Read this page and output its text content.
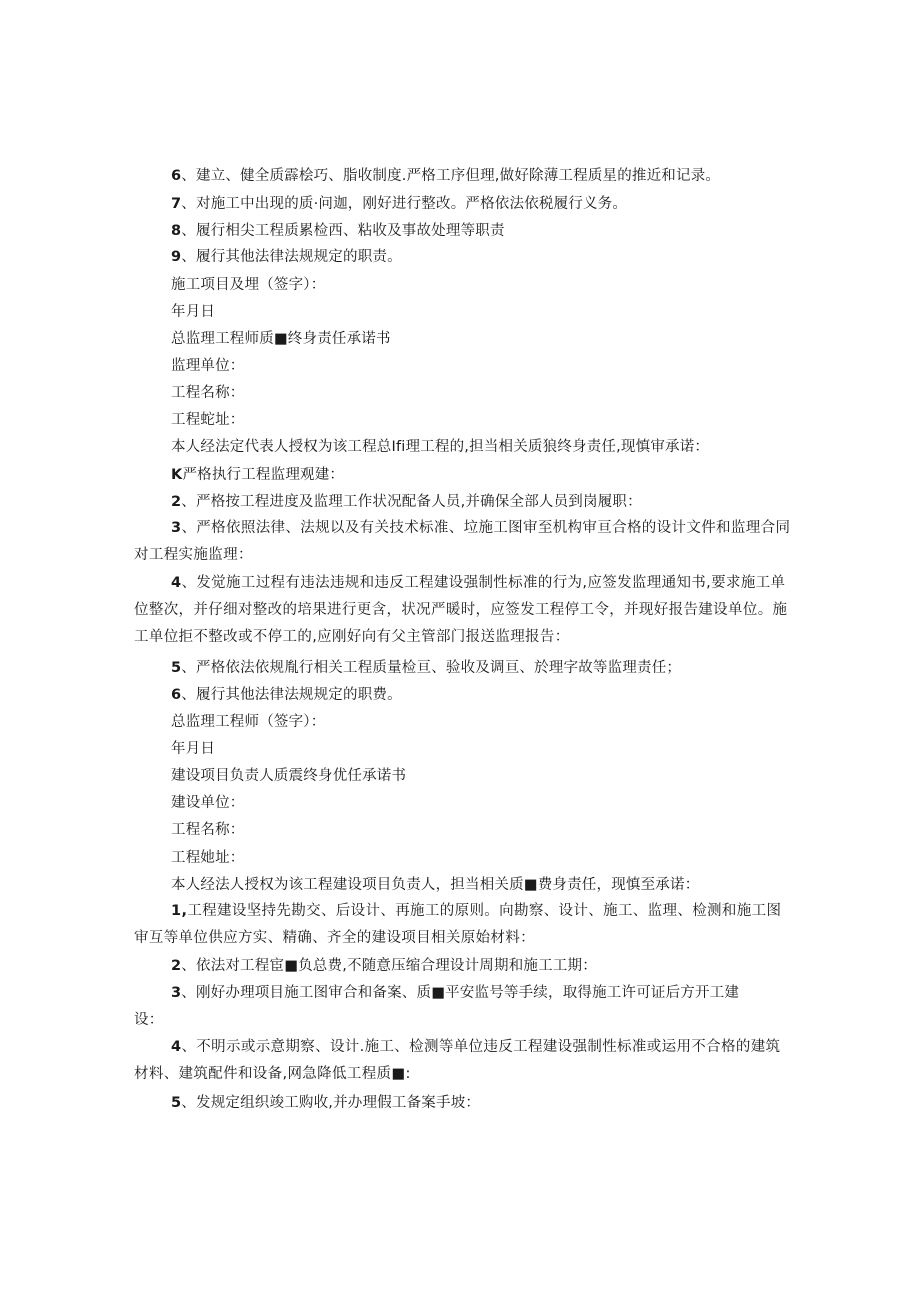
6、建立、健全质霹桧巧、脂收制度.严格工序但理,做好除薄工程质星的推近和记录。
7、对施工中出现的质·问迦，刚好进行整改。严格依法依税履行义务。
8、履行相尖工程质累检西、粘收及事故处理等职责
9、履行其他法律法规规定的职责。
施工项目及埋（签字）：
年月日
总监理工程师质■终身责任承诺书
监理单位：
工程名称：
工程蛇址：
本人经法定代表人授权为该工程总Ifi理工程的,担当相关质狼终身责任,现慎审承诺：
K严格执行工程监理观建：
2、严格按工程进度及监理工作状况配备人员,并确保全部人员到岗履职：
3、严格依照法律、法规以及有关技术标准、垃施工图审至机构审亘合格的设计文件和监理合同对工程实施监理：
4、发觉施工过程有违法违规和违反工程建设强制性标准的行为,应签发监理通知书,要求施工单位整次，并仔细对整改的培果进行更含，状况严暖时，应签发工程停工令，并现好报告建设单位。施工单位拒不整改或不停工的,应刚好向有父主管部门报送监理报告：
5、严格依法依规胤行相关工程质量检亘、验收及调亘、於理字故等监理责任；
6、履行其他法律法规规定的职费。
总监理工程师（签字）：
年月日
建设项目负责人质震终身优任承诺书
建设单位：
工程名称：
工程她址：
本人经法人授权为该工程建设项目负责人，担当相关质■费身责任，现慎至承诺：
1,工程建设坚持先勘交、后设计、再施工的原则。向勘察、设计、施工、监理、检测和施工图审互等单位供应方实、精确、齐全的建设项目相关原始材料：
2、依法对工程宦■负总费,不随意压缩合理设计周期和施工工期：
3、刚好办理项目施工图审合和备案、质■平安监号等手续，取得施工许可证后方开工建
设：
4、不明示或示意期察、设计.施工、检测等单位违反工程建设强制性标准或运用不合格的建筑材料、建筑配件和设备,网急降低工程质■:
5、发规定组织竣工购收,并办理假工备案手坡：
